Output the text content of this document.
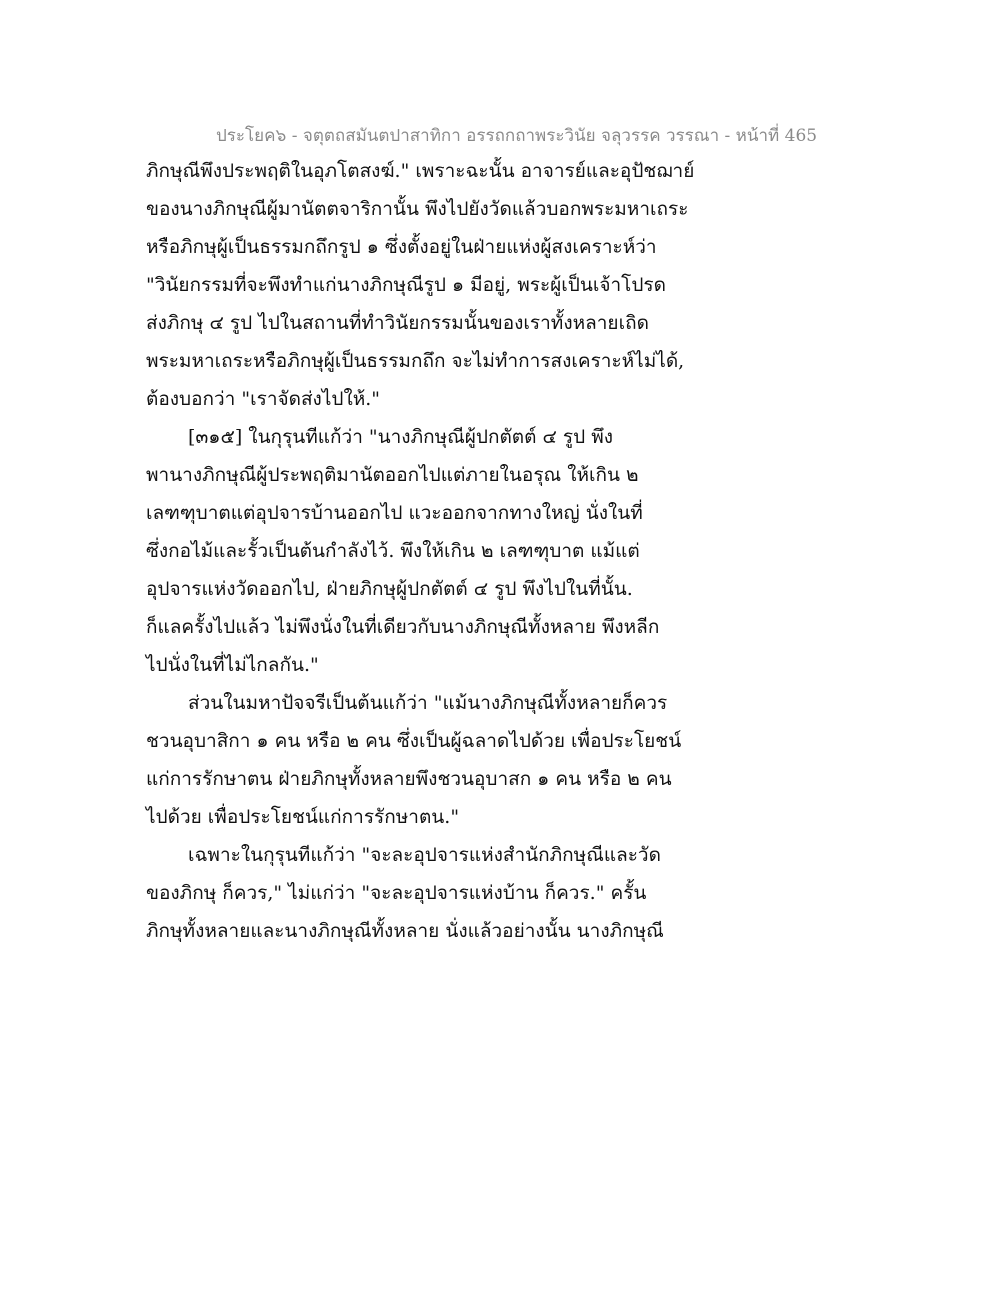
ประโยค๖ - จตุตถสมันตปาสาทิกา อรรถกถาพระวินัย จลุวรรค วรรณา - หน้าที่ 465
ภิกษุณีพึงประพฤติในอุภโตสงฆ์." เพราะฉะนั้น อาจารย์และอุปัชฌาย์
ของนางภิกษุณีผู้มานัตตจาริกานั้น พึงไปยังวัดแล้วบอกพระมหาเถระ
หรือภิกษุผู้เป็นธรรมกถึกรูป ๑ ซึ่งตั้งอยู่ในฝ่ายแห่งผู้สงเคราะห์ว่า
"วินัยกรรมที่จะพึงทำแก่นางภิกษุณีรูป ๑ มีอยู่, พระผู้เป็นเจ้าโปรด
ส่งภิกษุ ๔ รูป ไปในสถานที่ทำวินัยกรรมนั้นของเราทั้งหลายเถิด
พระมหาเถระหรือภิกษุผู้เป็นธรรมกถึก จะไม่ทำการสงเคราะห์ไม่ได้,
ต้องบอกว่า "เราจัดส่งไปให้."
[๓๑๕] ในกุรุนทีแก้ว่า "นางภิกษุณีผู้ปกตัตต์ ๔ รูป พึง
พานางภิกษุณีผู้ประพฤติมานัตออกไปแต่ภายในอรุณ ให้เกิน ๒
เลฑฑุบาตแต่อุปจารบ้านออกไป แวะออกจากทางใหญ่ นั่งในที่
ซึ่งกอไม้และรั้วเป็นต้นกำลังไว้. พึงให้เกิน ๒ เลฑฑุบาต แม้แต่
อุปจารแห่งวัดออกไป, ฝ่ายภิกษุผู้ปกตัตต์ ๔ รูป พึงไปในที่นั้น.
ก็แลครั้งไปแล้ว ไม่พึงนั่งในที่เดียวกับนางภิกษุณีทั้งหลาย พึงหลีก
ไปนั่งในที่ไม่ไกลกัน."
ส่วนในมหาปัจจรีเป็นต้นแก้ว่า "แม้นางภิกษุณีทั้งหลายก็ควร
ชวนอุบาสิกา ๑ คน หรือ ๒ คน ซึ่งเป็นผู้ฉลาดไปด้วย เพื่อประโยชน์
แก่การรักษาตน ฝ่ายภิกษุทั้งหลายพึงชวนอุบาสก ๑ คน หรือ ๒ คน
ไปด้วย เพื่อประโยชน์แก่การรักษาตน."
เฉพาะในกุรุนทีแก้ว่า "จะละอุปจารแห่งสำนักภิกษุณีและวัด
ของภิกษุ ก็ควร," ไม่แก่ว่า "จะละอุปจารแห่งบ้าน ก็ควร." ครั้น
ภิกษุทั้งหลายและนางภิกษุณีทั้งหลาย นั่งแล้วอย่างนั้น นางภิกษุณี
